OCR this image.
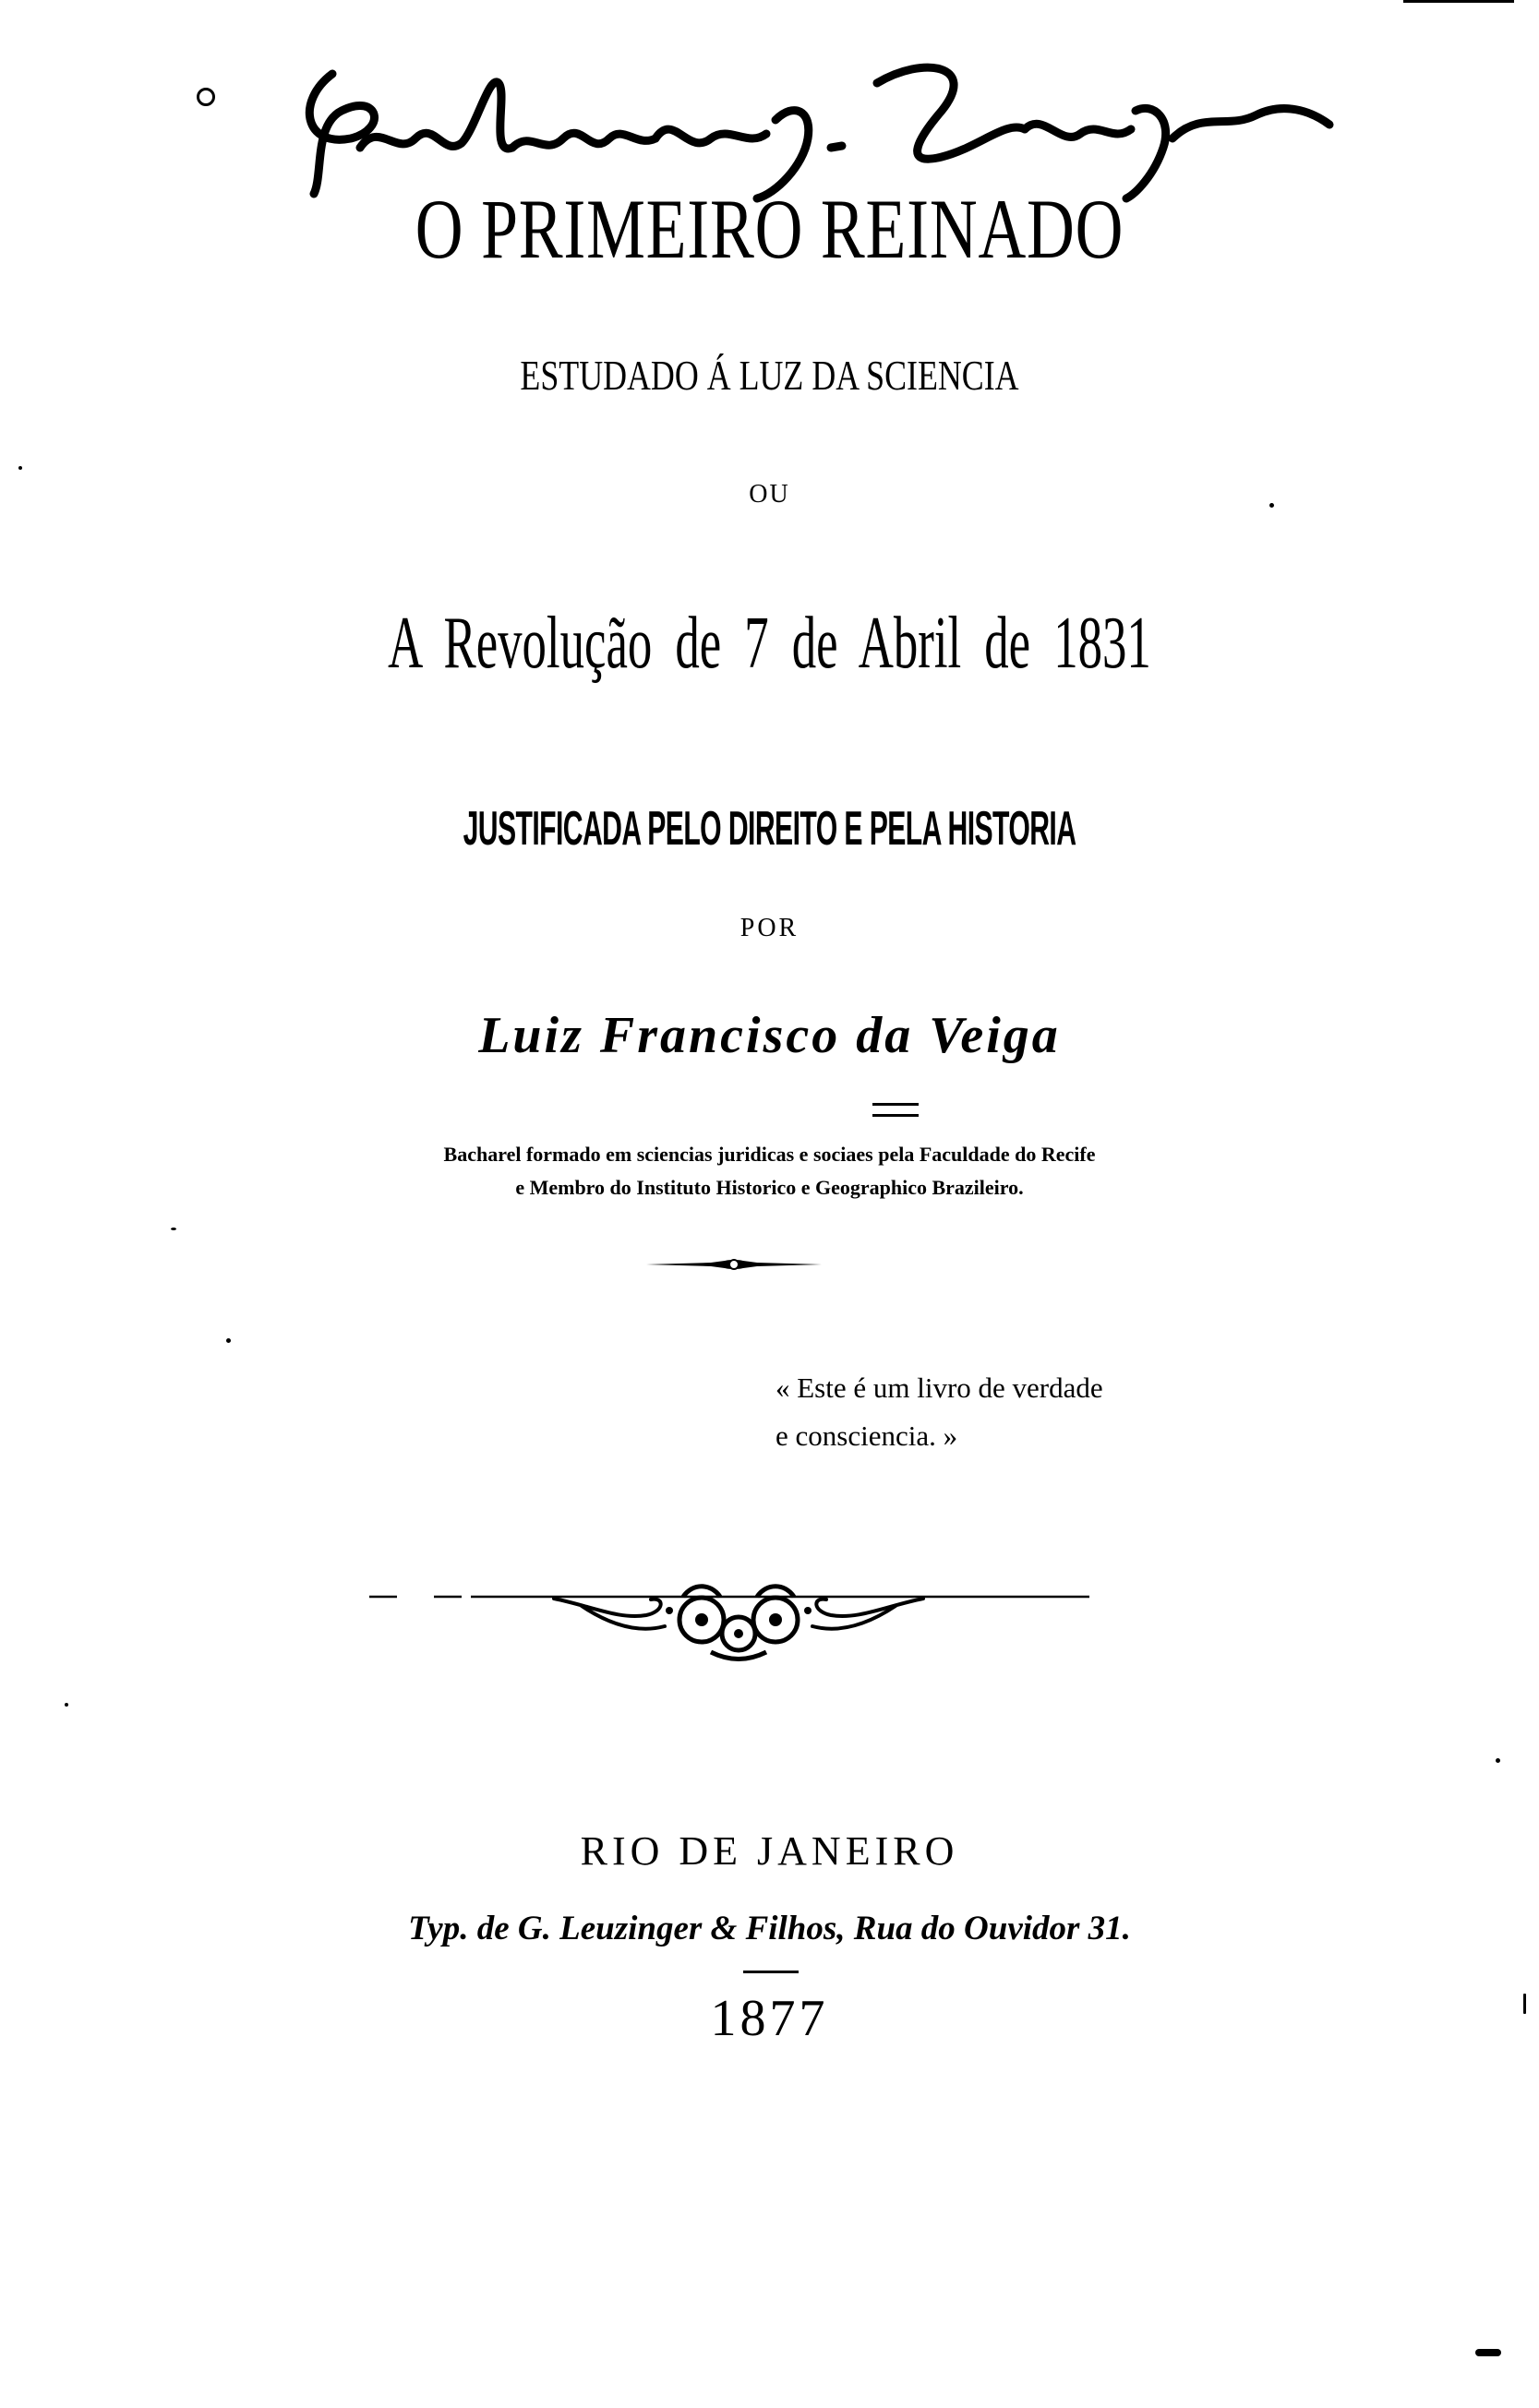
O PRIMEIRO REINADO
ESTUDADO Á LUZ DA SCIENCIA
OU
A Revolução de 7 de Abril de 1831
JUSTIFICADA PELO DIREITO E PELA HISTORIA
POR
Luiz Francisco da Veiga
Bacharel formado em sciencias juridicas e sociaes pela Faculdade do Recife
e Membro do Instituto Historico e Geographico Brazileiro.
« Este é um livro de verdade
e consciencia. »
RIO DE JANEIRO
Typ. de G. Leuzinger & Filhos, Rua do Ouvidor 31.
1877
